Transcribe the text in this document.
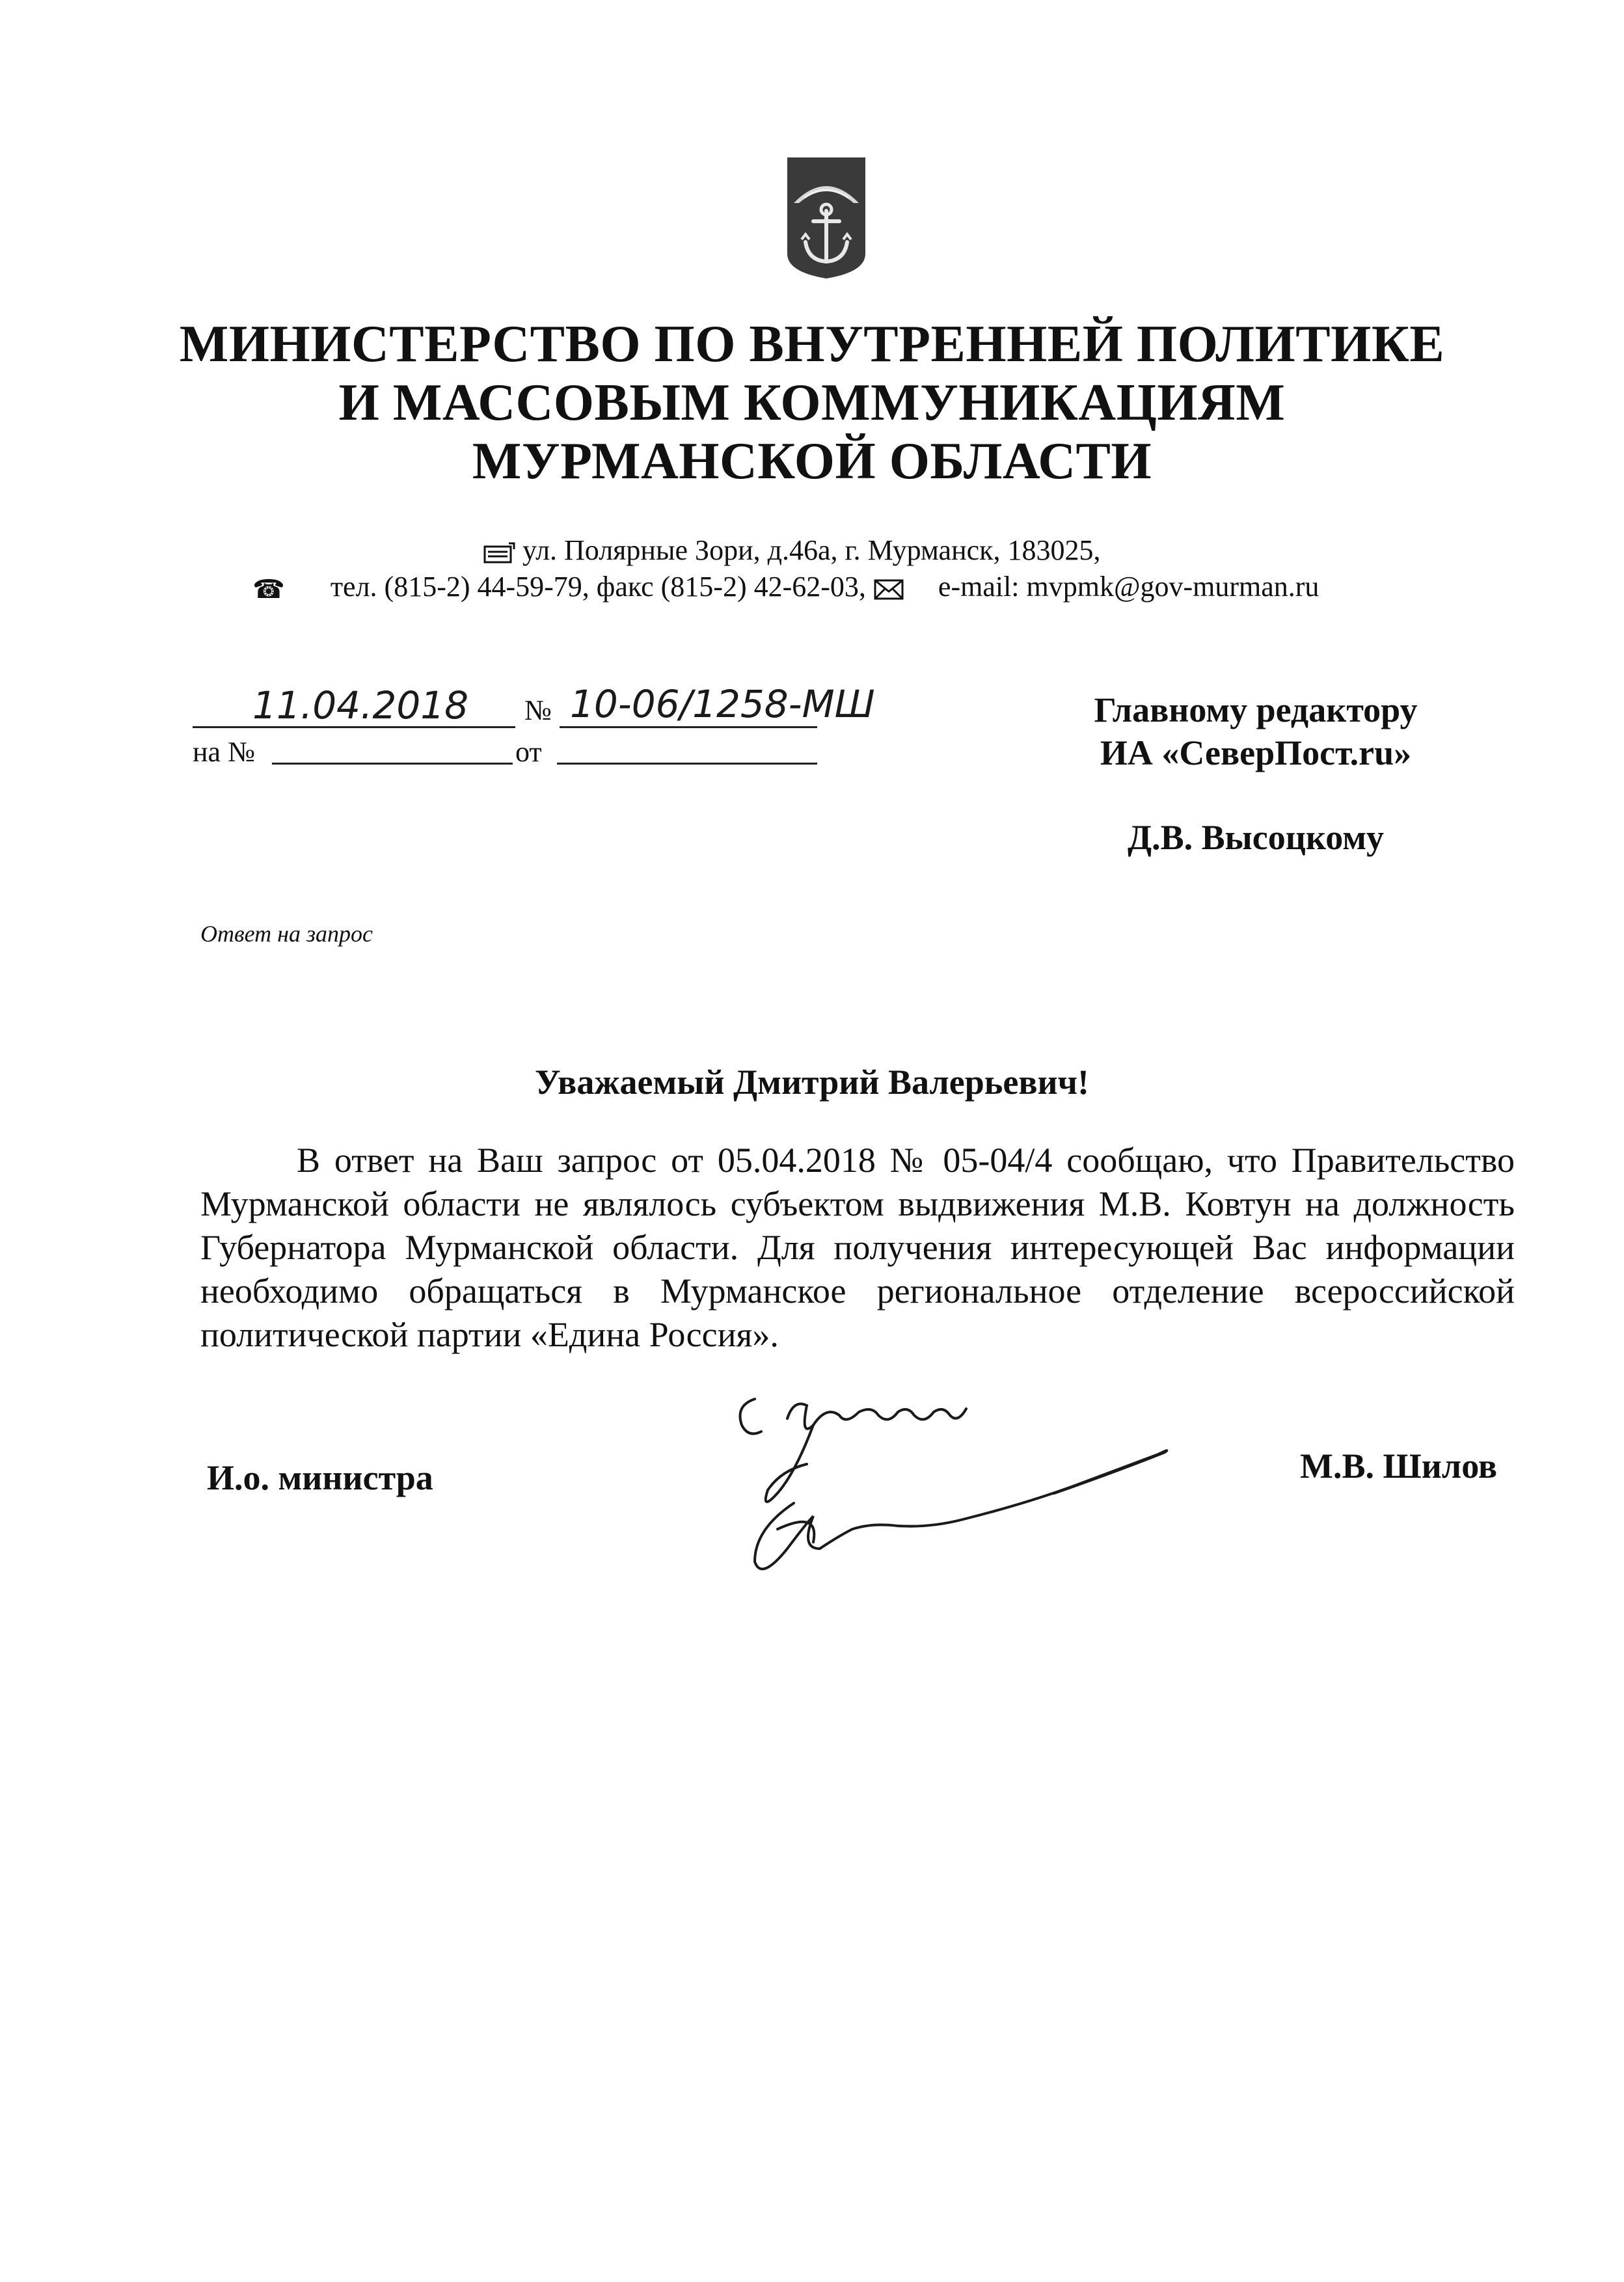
МИНИСТЕРСТВО ПО ВНУТРЕННЕЙ ПОЛИТИКЕ
И МАССОВЫМ КОММУНИКАЦИЯМ
МУРМАНСКОЙ ОБЛАСТИ
ул. Полярные Зори, д.46а, г. Мурманск, 183025,
☎ тел. (815-2) 44-59-79, факс (815-2) 42-62-03,	e-mail: mvpmk@gov-murman.ru
11.04.2018 № 10-06/1258-МШ
на №	от
Главному редактору
ИА «СеверПост.ru»
Д.В. Высоцкому
Ответ на запрос
Уважаемый Дмитрий Валерьевич!

В ответ на Ваш запрос от 05.04.2018 № 05-04/4 сообщаю, что Правительство Мурманской области не являлось субъектом выдвижения М.В. Ковтун на должность Губернатора Мурманской области. Для получения интересующей Вас информации необходимо обращаться в Мурманское региональное отделение всероссийской политической партии «Едина Россия».

И.о. министра	М.В. Шилов
